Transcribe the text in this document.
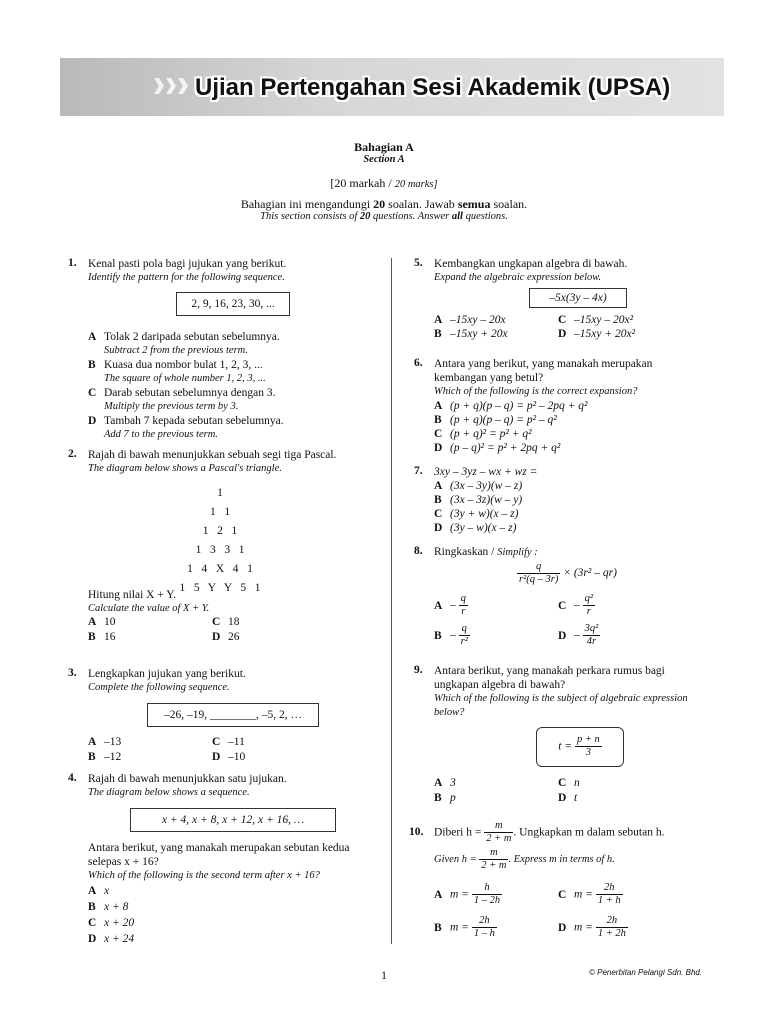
Ujian Pertengahan Sesi Akademik (UPSA)
Bahagian A
Section A
[20 markah / 20 marks]
Bahagian ini mengandungi 20 soalan. Jawab semua soalan.
This section consists of 20 questions. Answer all questions.
1. Kenal pasti pola bagi jujukan yang berikut.
Identify the pattern for the following sequence.
2, 9, 16, 23, 30, ...
A Tolak 2 daripada sebutan sebelumnya.
Subtract 2 from the previous term.
B Kuasa dua nombor bulat 1, 2, 3, ...
The square of whole number 1, 2, 3, ...
C Darab sebutan sebelumnya dengan 3.
Multiply the previous term by 3.
D Tambah 7 kepada sebutan sebelumnya.
Add 7 to the previous term.
2. Rajah di bawah menunjukkan sebuah segi tiga Pascal.
The diagram below shows a Pascal's triangle.
1
1   1
1   2   1
1   3   3   1
1   4   X   4   1
1   5   Y   Y   5   1
Hitung nilai X + Y.
Calculate the value of X + Y.
A 10	C 18
B 16	D 26
3. Lengkapkan jujukan yang berikut.
Complete the following sequence.
–26, –19, ________, –5, 2, …
A –13	C –11
B –12	D –10
4. Rajah di bawah menunjukkan satu jujukan.
The diagram below shows a sequence.
x + 4, x + 8, x + 12, x + 16, …
Antara berikut, yang manakah merupakan sebutan kedua
selepas x + 16?
Which of the following is the second term after x + 16?
A x
B x + 8
C x + 20
D x + 24
5. Kembangkan ungkapan algebra di bawah.
Expand the algebraic expression below.
–5x(3y – 4x)
A –15xy – 20x	C –15xy – 20x²
B –15xy + 20x	D –15xy + 20x²
6. Antara yang berikut, yang manakah merupakan
kembangan yang betul?
Which of the following is the correct expansion?
A (p + q)(p – q) = p² – 2pq + q²
B (p + q)(p – q) = p² – q²
C (p + q)² = p² + q²
D (p – q)² = p² + 2pq + q²
7. 3xy – 3yz – wx + wz =
A (3x – 3y)(w – z)
B (3x – 3z)(w – y)
C (3y + w)(x – z)
D (3y – w)(x – z)
8. Ringkaskan / Simplify :
$\frac{q}{\text{r²(q – 3r)}} \times (3r^2 - qr)$
A – $\frac{q}{r}$	C – $\frac{\text{q²}}{r}$
B – $\frac{q}{\text{r²}}$	D – $\frac{\text{3q²}}{4r}$
9. Antara berikut, yang manakah perkara rumus bagi
ungkapan algebra di bawah?
Which of the following is the subject of algebraic expression
below?
$t = \frac{p + n}{3}$
A 3	C n
B p	D t
10. Diberi $h = \frac{m}{2 + m}$ . Ungkapkan m dalam sebutan h.
Given $h = \frac{m}{2 + m}$ . Express m in terms of h.
A $m = \frac{h}{1 - 2h}$	C $m = \frac{2h}{1 + h}$
B $m = \frac{2h}{1 - h}$	D $m = \frac{2h}{1 + 2h}$
1	© Penerbitan Pelangi Sdn. Bhd.
